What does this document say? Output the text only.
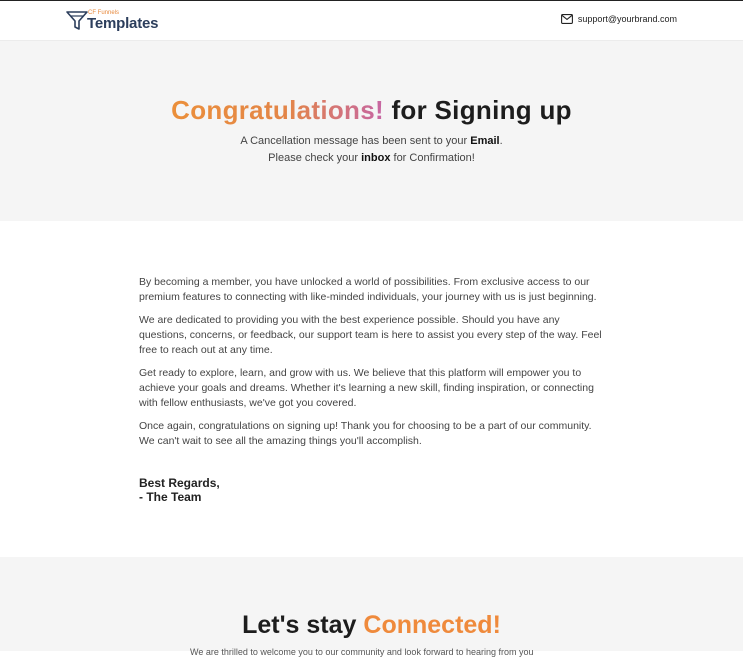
CF Funnels
Templates	support@yourbrand.com
Congratulations! for Signing up
A Cancellation message has been sent to your Email.
Please check your inbox for Confirmation!

By becoming a member, you have unlocked a world of possibilities. From exclusive access to our premium features to connecting with like-minded individuals, your journey with us is just beginning.

We are dedicated to providing you with the best experience possible. Should you have any questions, concerns, or feedback, our support team is here to assist you every step of the way. Feel free to reach out at any time.

Get ready to explore, learn, and grow with us. We believe that this platform will empower you to achieve your goals and dreams. Whether it's learning a new skill, finding inspiration, or connecting with fellow enthusiasts, we've got you covered.

Once again, congratulations on signing up! Thank you for choosing to be a part of our community. We can't wait to see all the amazing things you'll accomplish.

Best Regards,
- The Team
Let's stay Connected!
We are thrilled to welcome you to our community and look forward to hearing from you
